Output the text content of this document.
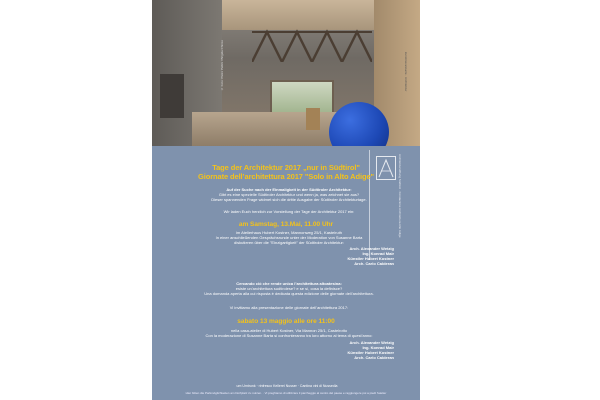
© Foto: Pietro Pellini / Brigida Chirico	kunstmeranoarte · Architektur
Architekturstiftung Südtirol · Fondazione Architettura Alto Adige
Tage der Architektur 2017 „nur in Südtirol"
Giornate dell’architettura 2017 "Solo in Alto Adige"
Auf der Suche nach der Einmaligkeit in der Südtiroler Architektur:
Gibt es eine spezielle Südtiroler Architektur und wenn ja, was zeichnet sie aus?
Dieser spannenden Frage widmet sich die dritte Ausgabe der Südtiroler Architekturtage.
Wir laden Euch herzlich zur Vorstellung der Tage der Architektur 2017 ein:
am Samstag, 13.Mai, 11.00 Uhr
im Atelierhaus Hubert Kostner, Mannonweg 25/1, Kastelruth
In einer anschließenden Gesprächsrunde unter der Moderation von Susanne Barta
diskutieren über die "Einzigartigkeit" der Südtiroler Architektur:
Arch. Alexander Wetzig
Ing. Konrad Mair
Künstler Hubert Kostner
Arch. Carlo Calderan
Cercando ciò che rende unica l’architettura altoatesina:
esiste un’architettura sudtirolese? e se sì, cosa la definisce?
Una domanda aperta alla cui risposta è dedicata questa edizione delle giornate dell’architettura.
Vi invitiamo alla presentazione delle giornate dell’architettura 2017:
sabato 13 maggio alle ore 11:00
nella casa-atelier di Hubert Kostner, Via Mannon 25/1, Castelrotto
Con la moderazione di Susanne Barta si confronteranno tra loro attorno al tema di quest’anno:
Arch. Alexander Wetzig
Ing. Konrad Mair
Künstler Hubert Kostner
Arch. Carlo Calderan
um Umtrunk · rinfresco Kellerei Nusser · Cantina vini di Nussedla
Hier bitten die Parkmöglichkeiten am Dorfplatz zu nutzen. · Vi preghiamo di utilizzare il parcheggio al centro del paese e raggiungere poi a piedi l’atelier
